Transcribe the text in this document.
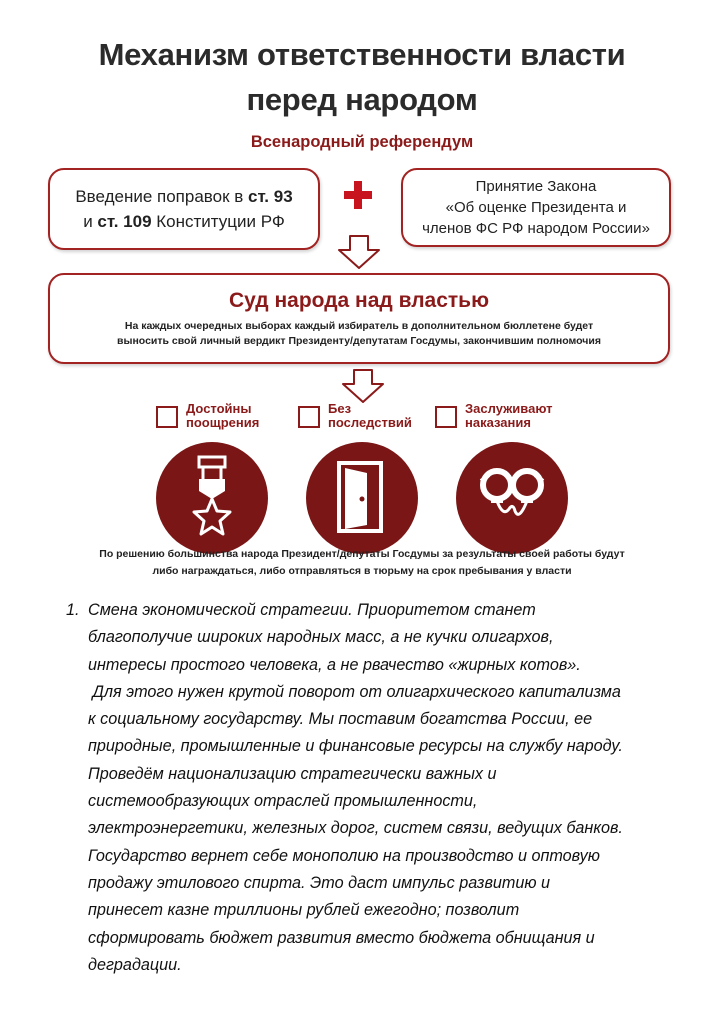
Механизм ответственности власти
перед народом
Всенародный референдум
Введение поправок в ст. 93
и ст. 109 Конституции РФ
Принятие Закона
«Об оценке Президента и
членов ФС РФ народом России»
Суд народа над властью
На каждых очередных выборах каждый избиратель в дополнительном бюллетене будет
выносить свой личный вердикт Президенту/депутатам Госдумы, закончившим полномочия
Достойны
поощрения
Без
последствий
Заслуживают
наказания
По решению большинства народа Президент/депутаты Госдумы за результаты своей работы будут
либо награждаться, либо отправляться в тюрьму на срок пребывания у власти
1. Смена экономической стратегии. Приоритетом станет
благополучие широких народных масс, а не кучки олигархов,
интересы простого человека, а не рвачество «жирных котов».
Для этого нужен крутой поворот от олигархического капитализма
к социальному государству. Мы поставим богатства России, ее
природные, промышленные и финансовые ресурсы на службу народу.
Проведём национализацию стратегически важных и
системообразующих отраслей промышленности,
электроэнергетики, железных дорог, систем связи, ведущих банков.
Государство вернет себе монополию на производство и оптовую
продажу этилового спирта. Это даст импульс развитию и
принесет казне триллионы рублей ежегодно; позволит
сформировать бюджет развития вместо бюджета обнищания и
деградации.
